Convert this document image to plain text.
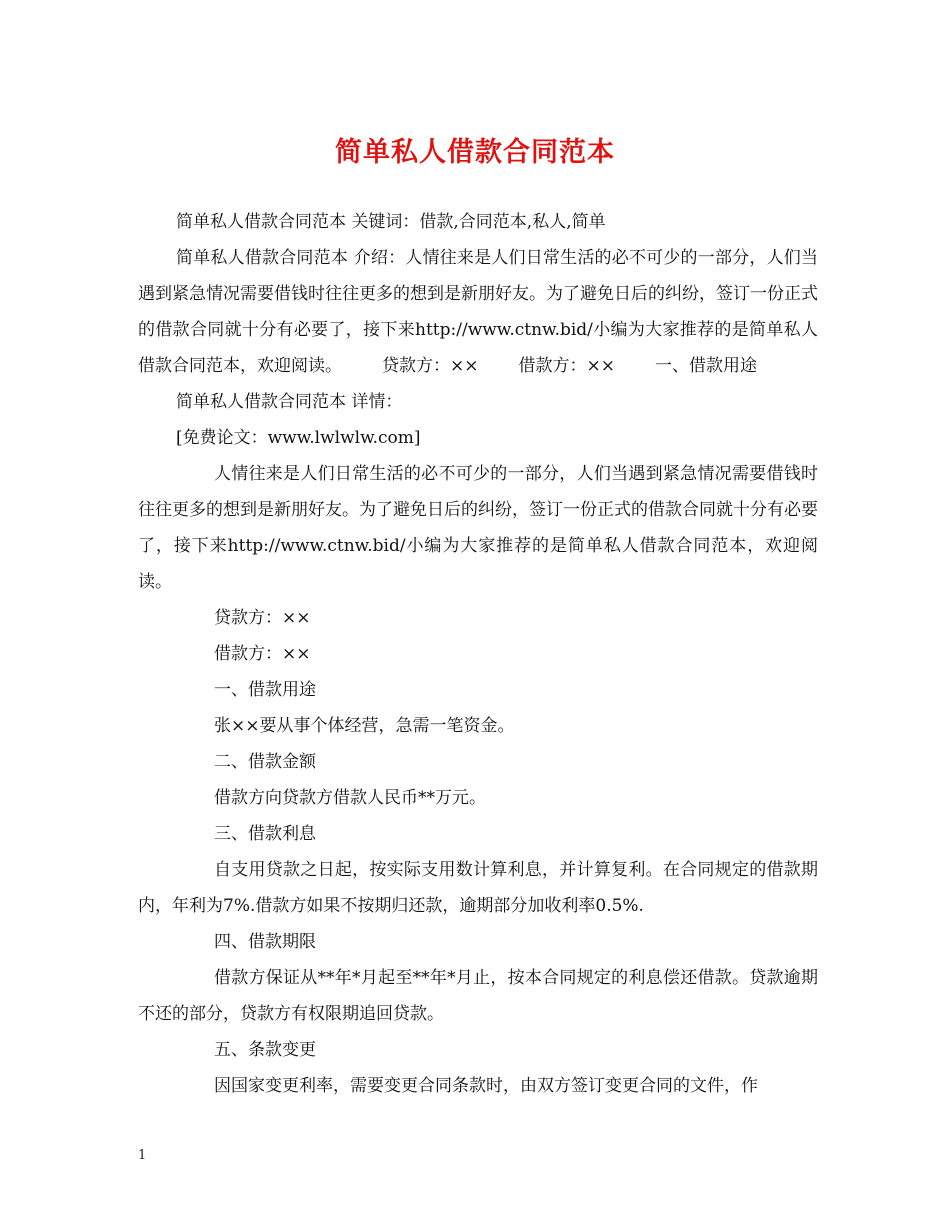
简单私人借款合同范本

简单私人借款合同范本 关键词：借款,合同范本,私人,简单

简单私人借款合同范本 介绍：人情往来是人们日常生活的必不可少的一部分，人们当遇到紧急情况需要借钱时往往更多的想到是新朋好友。为了避免日后的纠纷，签订一份正式的借款合同就十分有必要了，接下来http://www.ctnw.bid/小编为大家推荐的是简单私人借款合同范本，欢迎阅读。 贷款方：×× 借款方：×× 一、借款用途

简单私人借款合同范本 详情：

[免费论文：www.lwlwlw.com]

人情往来是人们日常生活的必不可少的一部分，人们当遇到紧急情况需要借钱时往往更多的想到是新朋好友。为了避免日后的纠纷，签订一份正式的借款合同就十分有必要了，接下来http://www.ctnw.bid/小编为大家推荐的是简单私人借款合同范本，欢迎阅读。

贷款方：××

借款方：××

一、借款用途

张××要从事个体经营，急需一笔资金。

二、借款金额

借款方向贷款方借款人民币**万元。

三、借款利息

自支用贷款之日起，按实际支用数计算利息，并计算复利。在合同规定的借款期内，年利为7%.借款方如果不按期归还款，逾期部分加收利率0.5%.

四、借款期限

借款方保证从**年*月起至**年*月止，按本合同规定的利息偿还借款。贷款逾期不还的部分，贷款方有权限期追回贷款。

五、条款变更

因国家变更利率，需要变更合同条款时，由双方签订变更合同的文件，作

1
